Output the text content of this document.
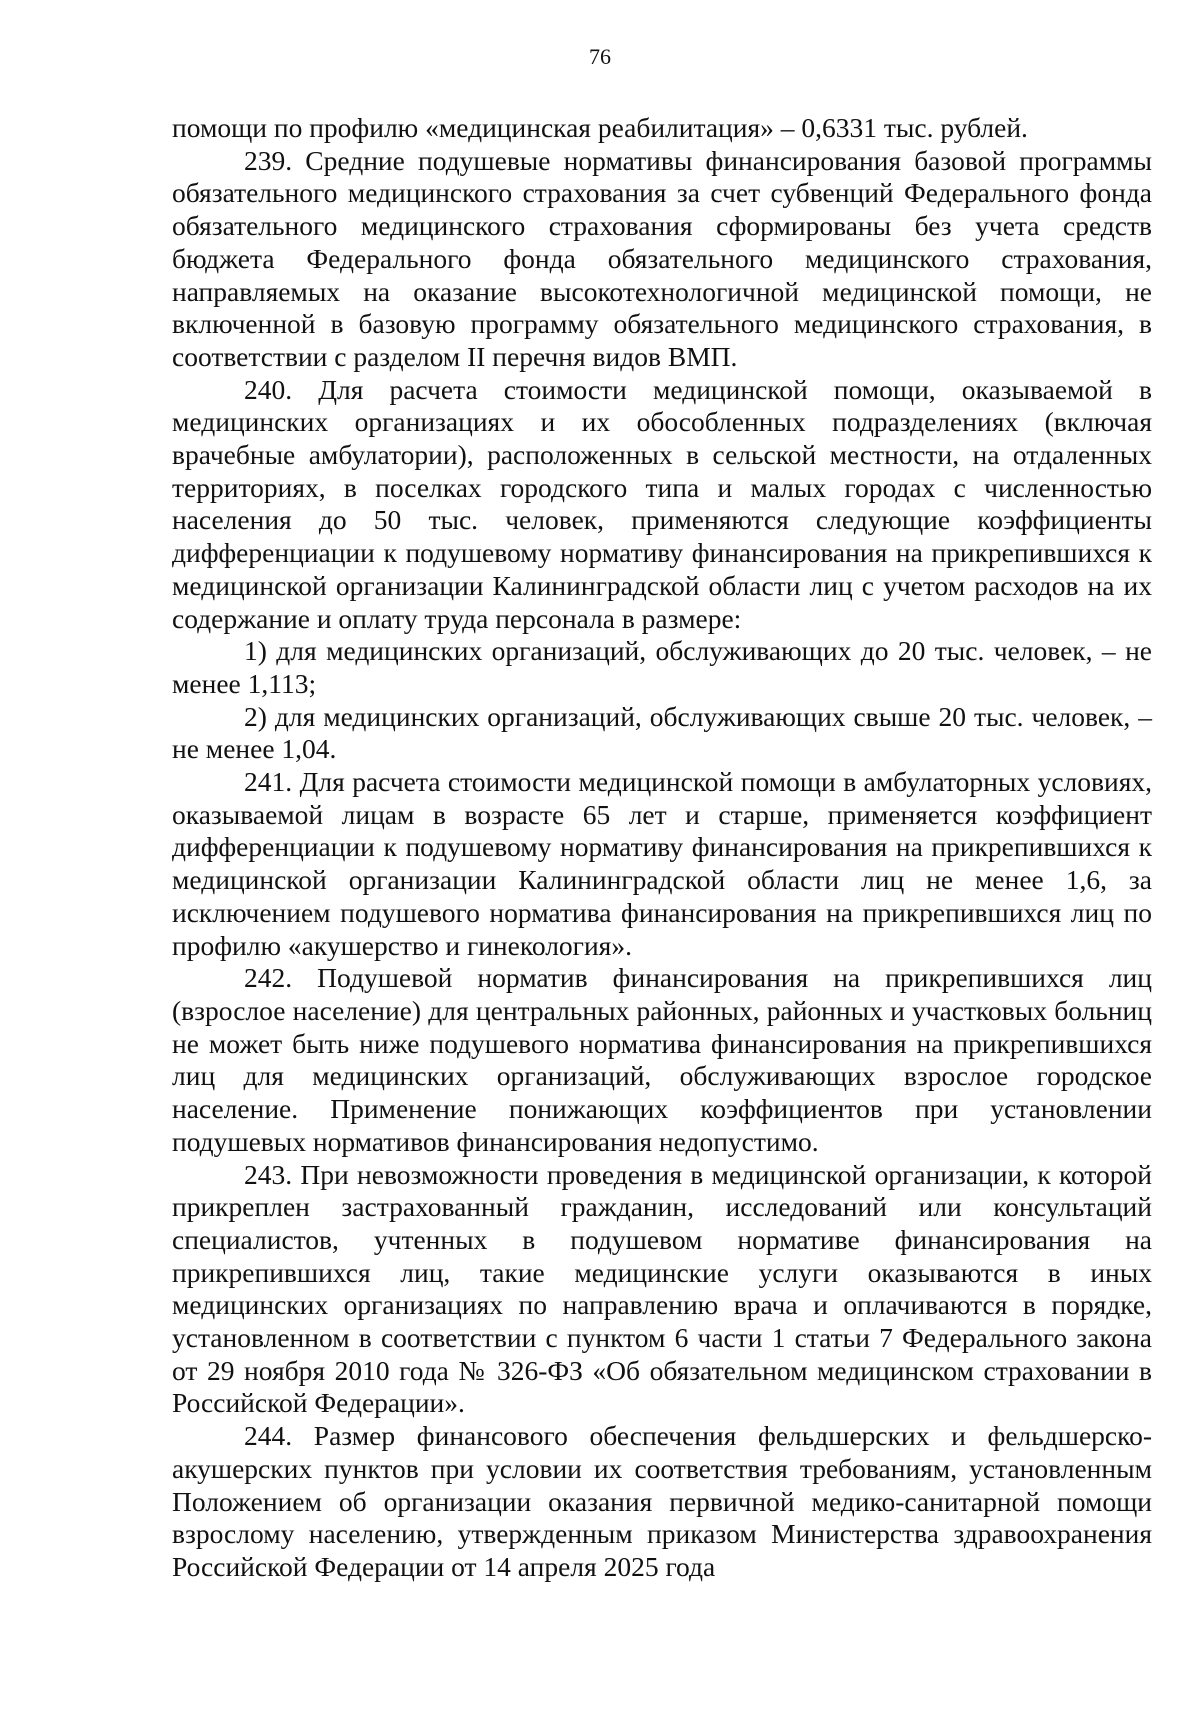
76

помощи по профилю «медицинская реабилитация» – 0,6331 тыс. рублей.

239. Средние подушевые нормативы финансирования базовой программы обязательного медицинского страхования за счет субвенций Федерального фонда обязательного медицинского страхования сформированы без учета средств бюджета Федерального фонда обязательного медицинского страхования, направляемых на оказание высокотехнологичной медицинской помощи, не включенной в базовую программу обязательного медицинского страхования, в соответствии с разделом II перечня видов ВМП.

240. Для расчета стоимости медицинской помощи, оказываемой в медицинских организациях и их обособленных подразделениях (включая врачебные амбулатории), расположенных в сельской местности, на отдаленных территориях, в поселках городского типа и малых городах с численностью населения до 50 тыс. человек, применяются следующие коэффициенты дифференциации к подушевому нормативу финансирования на прикрепившихся к медицинской организации Калининградской области лиц с учетом расходов на их содержание и оплату труда персонала в размере:

1) для медицинских организаций, обслуживающих до 20 тыс. человек, – не менее 1,113;

2) для медицинских организаций, обслуживающих свыше 20 тыс. человек, – не менее 1,04.

241. Для расчета стоимости медицинской помощи в амбулаторных условиях, оказываемой лицам в возрасте 65 лет и старше, применяется коэффициент дифференциации к подушевому нормативу финансирования на прикрепившихся к медицинской организации Калининградской области лиц не менее 1,6, за исключением подушевого норматива финансирования на прикрепившихся лиц по профилю «акушерство и гинекология».

242. Подушевой норматив финансирования на прикрепившихся лиц (взрослое население) для центральных районных, районных и участковых больниц не может быть ниже подушевого норматива финансирования на прикрепившихся лиц для медицинских организаций, обслуживающих взрослое городское население. Применение понижающих коэффициентов при установлении подушевых нормативов финансирования недопустимо.

243. При невозможности проведения в медицинской организации, к которой прикреплен застрахованный гражданин, исследований или консультаций специалистов, учтенных в подушевом нормативе финансирования на прикрепившихся лиц, такие медицинские услуги оказываются в иных медицинских организациях по направлению врача и оплачиваются в порядке, установленном в соответствии с пунктом 6 части 1 статьи 7 Федерального закона от 29 ноября 2010 года № 326-ФЗ «Об обязательном медицинском страховании в Российской Федерации».

244. Размер финансового обеспечения фельдшерских и фельдшерско-акушерских пунктов при условии их соответствия требованиям, установленным Положением об организации оказания первичной медико-санитарной помощи взрослому населению, утвержденным приказом Министерства здравоохранения Российской Федерации от 14 апреля 2025 года
